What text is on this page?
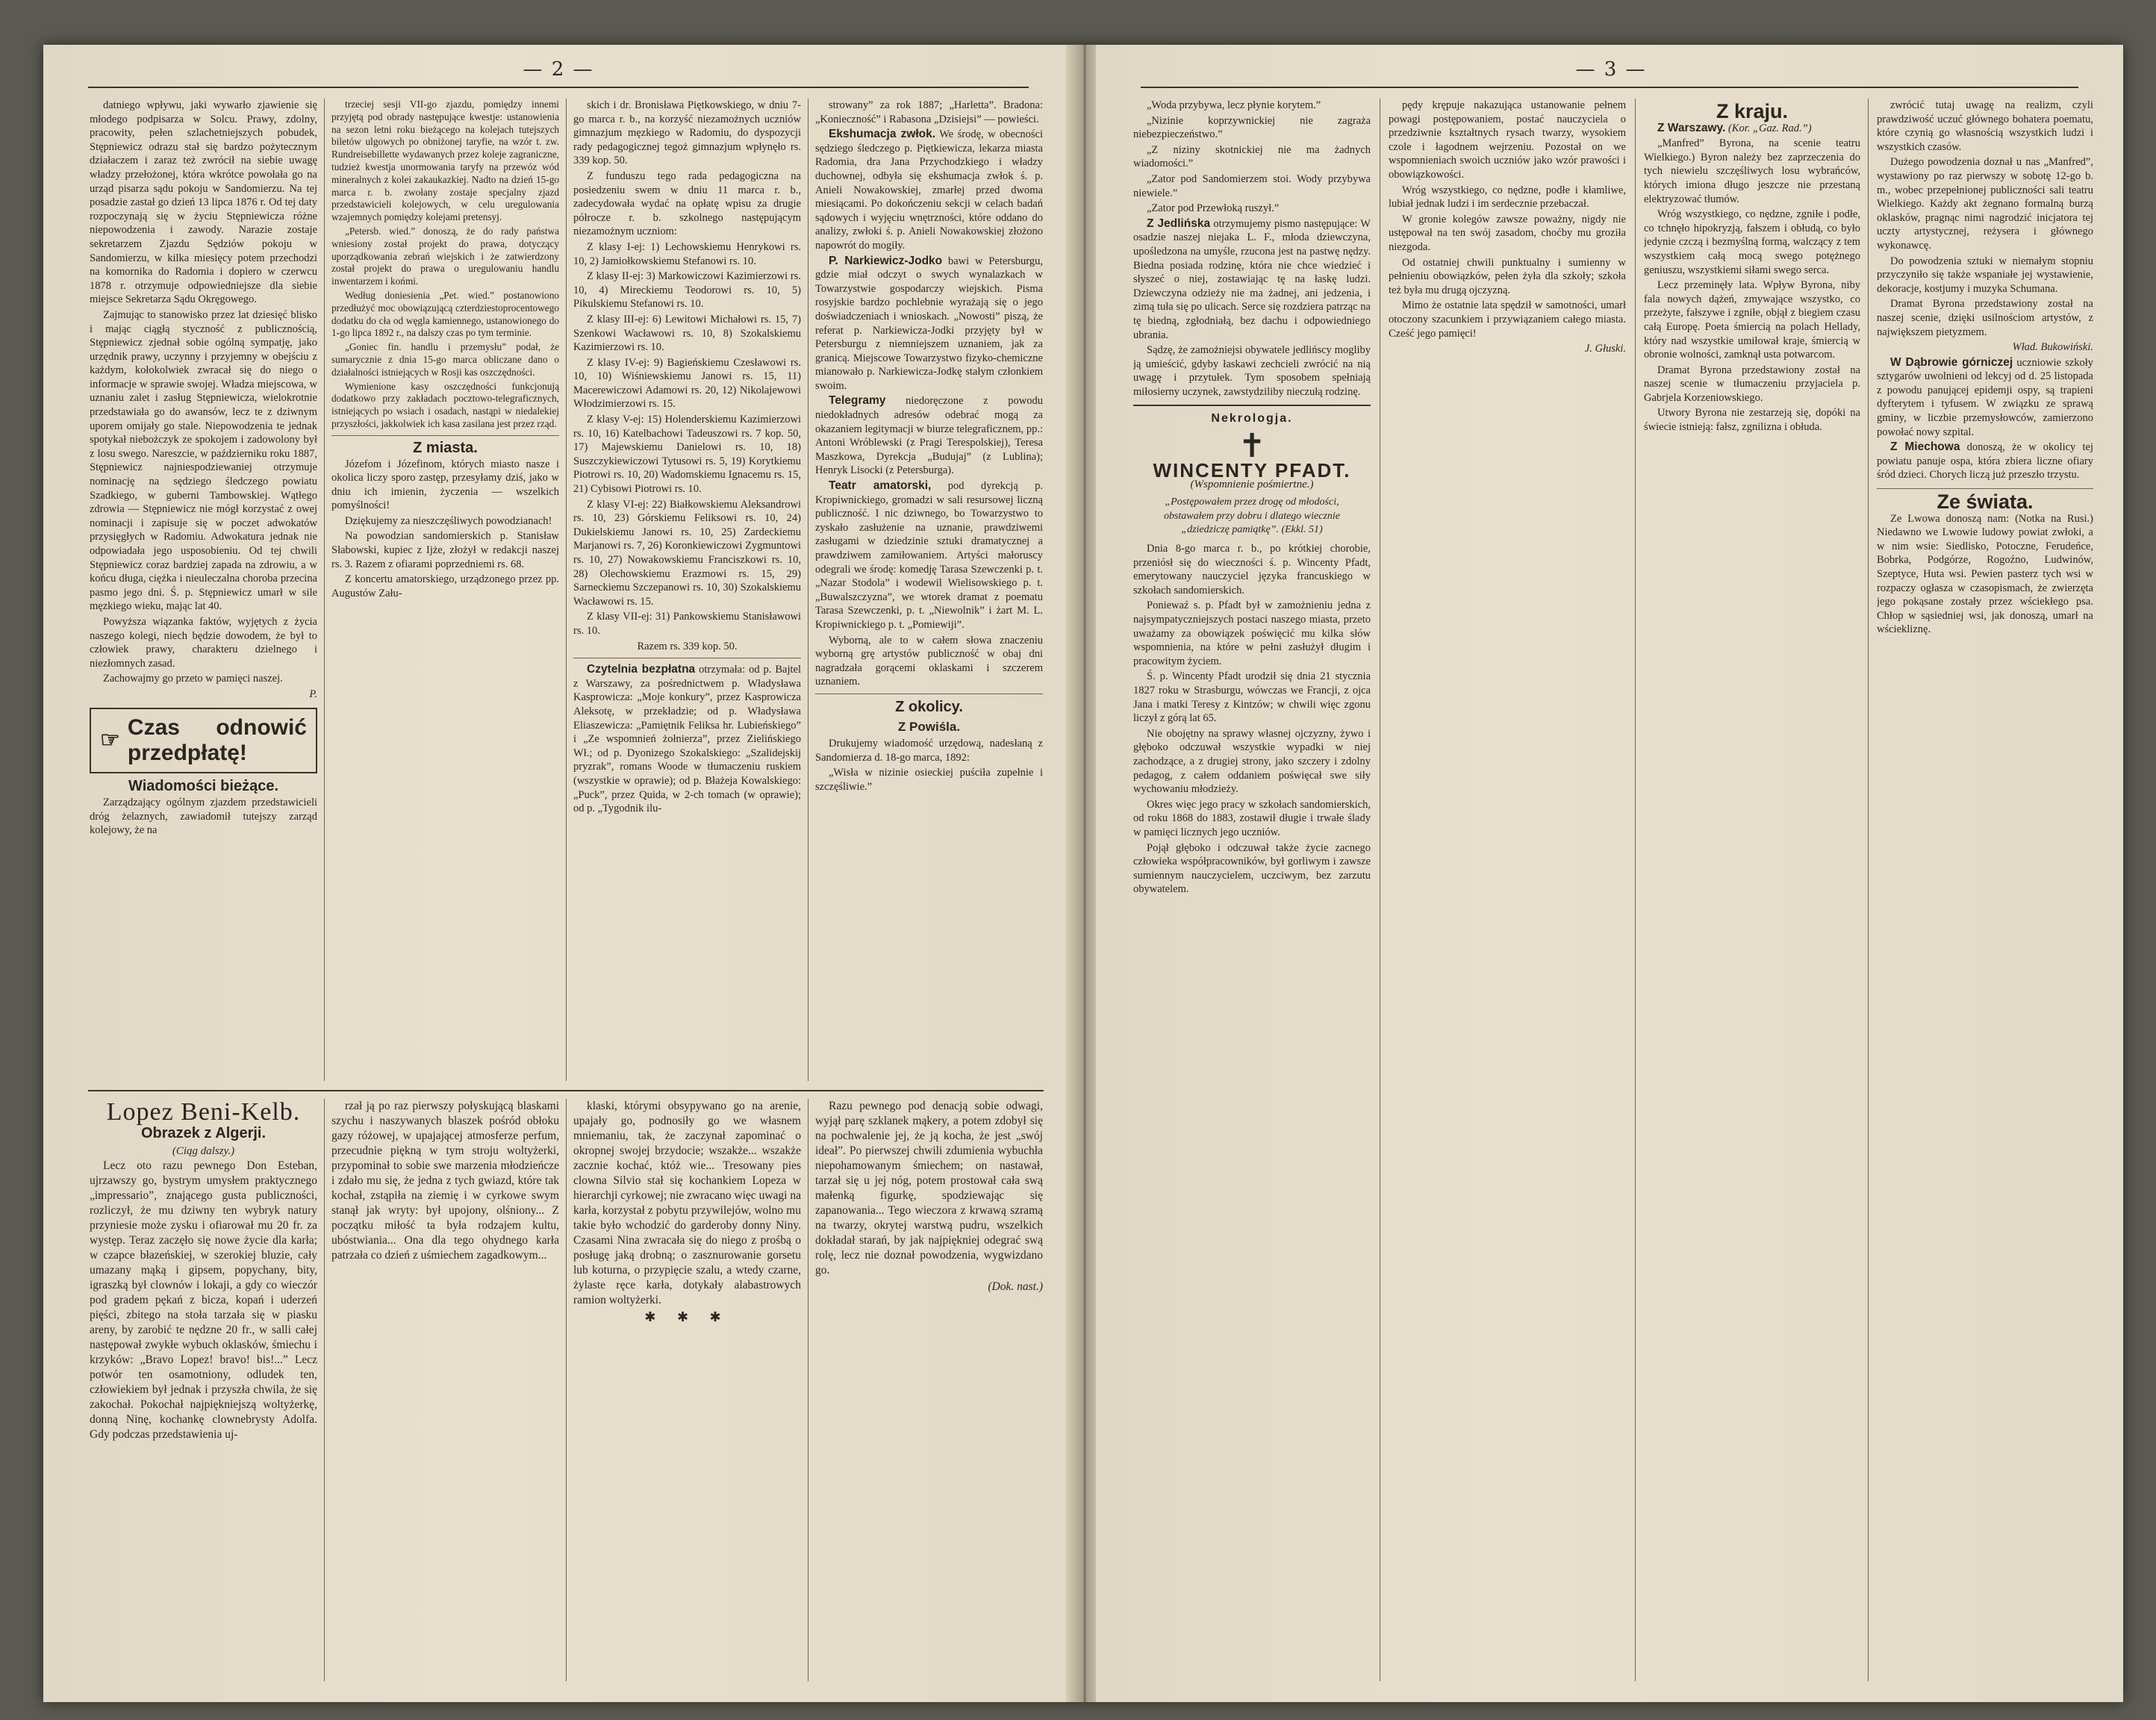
— 2 —

datniego wpływu, jaki wywarło zjawienie się młodego podpisarza w Solcu. Prawy, zdolny, pracowity, pełen szlachetniejszych pobudek, Stępniewicz odrazu stał się bardzo pożytecznym działaczem i zaraz też zwrócił na siebie uwagę władzy przełożonej, która wkrótce powołała go na urząd pisarza sądu pokoju w Sandomierzu. Na tej posadzie zastał go dzień 13 lipca 1876 r. Od tej daty rozpoczynają się w życiu Stępniewicza różne niepowodzenia i zawody. Narazie zostaje sekretarzem Zjazdu Sędziów pokoju w Sandomierzu, w kilka miesięcy potem przechodzi na komornika do Radomia i dopiero w czerwcu 1878 r. otrzymuje odpowiedniejsze dla siebie miejsce Sekretarza Sądu Okręgowego.

Zajmując to stanowisko przez lat dziesięć blisko i mając ciągłą styczność z publicznością, Stępniewicz zjednał sobie ogólną sympatję, jako urzędnik prawy, uczynny i przyjemny w obejściu z każdym, kołokolwiek zwracał się do niego o informacje w sprawie swojej. Władza miejscowa, w uznaniu zalet i zasług Stępniewicza, wielokrotnie przedstawiała go do awansów, lecz te z dziwnym uporem omijały go stale. Niepowodzenia te jednak spotykał niebożczyk ze spokojem i zadowolony był z losu swego. Nareszcie, w październiku roku 1887, Stępniewicz najniespodziewaniej otrzymuje nominację na sędziego śledczego powiatu Szadkiego, w guberni Tambowskiej. Wątłego zdrowia — Stępniewicz nie mógł korzystać z owej nominacji i zapisuje się w poczet adwokatów przysięgłych w Radomiu. Adwokatura jednak nie odpowiadała jego usposobieniu. Od tej chwili Stępniewicz coraz bardziej zapada na zdrowiu, a w końcu długa, ciężka i nieuleczalna choroba przecina pasmo jego dni. Ś. p. Stępniewicz umarł w sile męzkiego wieku, mając lat 40.

Powyższa wiązanka faktów, wyjętych z życia naszego kolegi, niech będzie dowodem, że był to człowiek prawy, charakteru dzielnego i niezłomnych zasad.

Zachowajmy go przeto w pamięci naszej.

P.

☞
Czas odnowić przedpłatę!
Wiadomości bieżące.

Zarządzający ogólnym zjazdem przedstawicieli dróg żelaznych, zawiadomił tutejszy zarząd kolejowy, że na

trzeciej sesji VII-go zjazdu, pomiędzy innemi przyjętą pod obrady następujące kwestje: ustanowienia na sezon letni roku bieżącego na kolejach tutejszych biletów ulgowych po obniżonej taryfie, na wzór t. zw. Rundreisebillette wydawanych przez koleje zagraniczne, tudzież kwestja unormowania taryfy na przewóz wód mineralnych z kolei zakaukazkiej. Nadto na dzień 15-go marca r. b. zwołany zostaje specjalny zjazd przedstawicieli kolejowych, w celu uregulowania wzajemnych pomiędzy kolejami pretensyj.

„Petersb. wied.” donoszą, że do rady państwa wniesiony został projekt do prawa, dotyczący uporządkowania zebrań wiejskich i że zatwierdzony został projekt do prawa o uregulowaniu handlu inwentarzem i końmi.

Według doniesienia „Pet. wied.” postanowiono przedłużyć moc obowiązującą czterdziestoprocentowego dodatku do cła od węgla kamiennego, ustanowionego do 1-go lipca 1892 r., na dalszy czas po tym terminie.

„Goniec fin. handlu i przemysłu” podał, że sumarycznie z dnia 15-go marca obliczane dano o działalności istniejących w Rosji kas oszczędności.

Wymienione kasy oszczędności funkcjonują dodatkowo przy zakładach pocztowo-telegraficznych, istniejących po wsiach i osadach, nastąpi w niedalekiej przyszłości, jakkolwiek ich kasa zasilana jest przez rząd.

Z miasta.

Józefom i Józefinom, których miasto nasze i okolica liczy sporo zastęp, przesyłamy dziś, jako w dniu ich imienin, życzenia — wszelkich pomyślności!

Dziękujemy za nieszczęśliwych powodzianach!

Na powodzian sandomierskich p. Stanisław Słabowski, kupiec z Ijże, złożył w redakcji naszej rs. 3. Razem z ofiarami poprzedniemi rs. 68.

Z koncertu amatorskiego, urządzonego przez pp. Augustów Zału-

skich i dr. Bronisława Piętkowskiego, w dniu 7-go marca r. b., na korzyść niezamożnych uczniów gimnazjum męzkiego w Radomiu, do dyspozycji rady pedagogicznej tegoż gimnazjum wpłynęło rs. 339 kop. 50.

Z funduszu tego rada pedagogiczna na posiedzeniu swem w dniu 11 marca r. b., zadecydowała wydać na opłatę wpisu za drugie półrocze r. b. szkolnego następującym niezamożnym uczniom:

Z klasy I-ej: 1) Lechowskiemu Henrykowi rs. 10, 2) Jamiołkowskiemu Stefanowi rs. 10.

Z klasy II-ej: 3) Markowiczowi Kazimierzowi rs. 10, 4) Mireckiemu Teodorowi rs. 10, 5) Pikulskiemu Stefanowi rs. 10.

Z klasy III-ej: 6) Lewitowi Michałowi rs. 15, 7) Szenkowi Wacławowi rs. 10, 8) Szokalskiemu Kazimierzowi rs. 10.

Z klasy IV-ej: 9) Bagieńskiemu Czesławowi rs. 10, 10) Wiśniewskiemu Janowi rs. 15, 11) Macerewiczowi Adamowi rs. 20, 12) Nikolajewowi Włodzimierzowi rs. 15.

Z klasy V-ej: 15) Holenderskiemu Kazimierzowi rs. 10, 16) Katelbachowi Tadeuszowi rs. 7 kop. 50, 17) Majewskiemu Danielowi rs. 10, 18) Suszczykiewiczowi Tytusowi rs. 5, 19) Korytkiemu Piotrowi rs. 10, 20) Wadomskiemu Ignacemu rs. 15, 21) Cybisowi Piotrowi rs. 10.

Z klasy VI-ej: 22) Białkowskiemu Aleksandrowi rs. 10, 23) Górskiemu Feliksowi rs. 10, 24) Dukielskiemu Janowi rs. 10, 25) Zardeckiemu Marjanowi rs. 7, 26) Koronkiewiczowi Zygmuntowi rs. 10, 27) Nowakowskiemu Franciszkowi rs. 10, 28) Olechowskiemu Erazmowi rs. 15, 29) Sarneckiemu Szczepanowi rs. 10, 30) Szokalskiemu Wacławowi rs. 15.

Z klasy VII-ej: 31) Pankowskiemu Stanisławowi rs. 10.

Razem rs. 339 kop. 50.

Czytelnia bezpłatna otrzymała: od p. Bajtel z Warszawy, za pośrednictwem p. Władysława Kasprowicza: „Moje konkury”, przez Kasprowicza Aleksotę, w przekładzie; od p. Władysława Eliaszewicza: „Pamiętnik Feliksa hr. Lubieńskiego” i „Ze wspomnień żołnierza”, przez Zielińskiego Wł.; od p. Dyonizego Szokalskiego: „Szalidejskij pryzrak”, romans Woode w tłumaczeniu ruskiem (wszystkie w oprawie); od p. Błażeja Kowalskiego: „Puck”, przez Quida, w 2-ch tomach (w oprawie); od p. „Tygodnik ilu-

strowany” za rok 1887; „Harletta”. Bradona: „Konieczność” i Rabasona „Dzisiejsi” — powieści.

Ekshumacja zwłok. We środę, w obecności sędziego śledczego p. Piętkiewicza, lekarza miasta Radomia, dra Jana Przychodzkiego i władzy duchownej, odbyła się ekshumacja zwłok ś. p. Anieli Nowakowskiej, zmarłej przed dwoma miesiącami. Po dokończeniu sekcji w celach badań sądowych i wyjęciu wnętrzności, które oddano do analizy, zwłoki ś. p. Anieli Nowakowskiej złożono napowrót do mogiły.

P. Narkiewicz-Jodko bawi w Petersburgu, gdzie miał odczyt o swych wynalazkach w Towarzystwie gospodarczy wiejskich. Pisma rosyjskie bardzo pochlebnie wyrażają się o jego doświadczeniach i wnioskach. „Nowosti” piszą, że referat p. Narkiewicza-Jodki przyjęty był w Petersburgu z niemniejszem uznaniem, jak za granicą. Miejscowe Towarzystwo fizyko-chemiczne mianowało p. Narkiewicza-Jodkę stałym członkiem swoim.

Telegramy niedoręczone z powodu niedokładnych adresów odebrać mogą za okazaniem legitymacji w biurze telegraficznem, pp.: Antoni Wróblewski (z Pragi Terespolskiej), Teresa Maszkowa, Dyrekcja „Budujaj” (z Lublina); Henryk Lisocki (z Petersburga).

Teatr amatorski, pod dyrekcją p. Kropiwnickiego, gromadzi w sali resursowej liczną publiczność. I nic dziwnego, bo Towarzystwo to zyskało zasłużenie na uznanie, prawdziwemi zasługami w dziedzinie sztuki dramatycznej a prawdziwem zamiłowaniem. Artyści małoruscy odegrali we środę: komedję Tarasa Szewczenki p. t. „Nazar Stodola” i wodewil Wielisowskiego p. t. „Buwalszczyzna”, we wtorek dramat z poematu Tarasa Szewczenki, p. t. „Niewolnik” i żart M. L. Kropiwnickiego p. t. „Pomiewiji”.

Wyborną, ale to w całem słowa znaczeniu wyborną grę artystów publiczność w obaj dni nagradzała gorącemi oklaskami i szczerem uznaniem.

Z okolicy.
Z Powiśla.

Drukujemy wiadomość urzędową, nadesłaną z Sandomierza d. 18-go marca, 1892:

„Wisła w niziniе osieckiej puściła zupełnie i szczęśliwie.”

Lopez Beni-Kelb.
Obrazek z Algerji.
(Ciąg dalszy.)

Lecz oto razu pewnego Don Esteban, ujrzawszy go, bystrym umysłem praktycznego „impressario”, znającego gusta publiczności, rozliczył, że mu dziwny ten wybryk natury przyniesie może zysku i ofiarował mu 20 fr. za występ. Teraz zaczęło się nowe życie dla karła; w czapce błazeńskiej, w szerokiej bluzie, cały umazany mąką i gipsem, popychany, bity, igraszką był clownów i lokaji, a gdy co wieczór pod gradem pękań z bicza, kopań i uderzeń pięści, zbitego na stoła tarzała się w piasku areny, by zarobić te nędzne 20 fr., w salli całej następował zwykłe wybuch oklasków, śmiechu i krzyków: „Bravo Lopez! bravo! bis!...” Lecz potwór ten osamotniony, odludek ten, człowiekiem był jednak i przyszła chwila, że się zakochał. Pokochał najpiękniejszą woltyżerkę, donną Ninę, kochankę clownebrysty Adolfa. Gdy podczas przedstawienia uj-

rzał ją po raz pierwszy połyskującą blaskami szychu i naszywanych blaszek pośród obłoku gazy różowej, w upajającej atmosferze perfum, przecudnie piękną w tym stroju woltyżerki, przypominał to sobie swe marzenia młodzieńcze i zdało mu się, że jedna z tych gwiazd, które tak kochał, zstąpiła na ziemię i w cyrkowe swym stanął jak wryty: był upojony, olśniony... Z początku miłość ta była rodzajem kultu, ubóstwiania... Ona dla tego ohydnego karła patrzała co dzień z uśmiechem zagadkowym...

klaski, którymi obsypywano go na arenie, upajały go, podnosiły go we własnem mniemaniu, tak, że zaczynał zapominać o okropnej swojej brzydocie; wszakże... wszakże zacznie kochać, któż wie... Tresowany pies clowna Silvio stał się kochankiem Lopeza w hierarchji cyrkowej; nie zwracano więc uwagi na karła, korzystał z pobytu przywilejów, wolno mu takie było wchodzić do garderoby donny Niny. Czasami Nina zwracała się do niego z prośbą o posługę jaką drobną; o zasznurowanie gorsetu lub koturna, o przypięcie szalu, a wtedy czarne, żylaste ręce karła, dotykały alabastrowych ramion woltyżerki.

✱ ✱ ✱

Razu pewnego pod denacją sobie odwagi, wyjął parę szklanek mąkery, a potem zdobył się na pochwalenie jej, że ją kocha, że jest „swój ideał”. Po pierwszej chwili zdumienia wybuchła niepohamowanym śmiechem; on nastawał, tarzał się u jej nóg, potem prostował cała swą małenką figurkę, spodziewając się zapanowania... Tego wieczora z krwawą szramą na twarzy, okrytej warstwą pudru, wszelkich dokładał starań, by jak najpiękniej odegrać swą rolę, lecz nie doznał powodzenia, wygwizdano go.

(Dok. nast.)

— 3 —

„Woda przybywa, lecz płynie korytem.”

„Niziniе koprzywnickiej nie zagraża niebezpieczeństwo.”

„Z niziny skotnickiej nie ma żadnych wiadomości.”

„Zator pod Sandomierzem stoi. Wody przybywa niewiele.”

„Zator pod Przewłoką ruszył.”

Z Jedlińska otrzymujemy pismo następujące: W osadzie naszej niejaka L. F., młoda dziewczyna, upośledzona na umyśle, rzucona jest na pastwę nędzy. Biedna posiada rodzinę, która nie chce wiedzieć i słyszeć o niej, zostawiając tę na łaskę ludzi. Dziewczyna odzieży nie ma żadnej, ani jedzenia, i zimą tuła się po ulicach. Serce się rozdziera patrząc na tę biedną, zgłodniałą, bez dachu i odpowiedniego ubrania.

Sądzę, że zamożniejsi obywatele jedlińscy mogliby ją umieścić, gdyby łaskawi zechcieli zwrócić na nią uwagę i przytułek. Tym sposobem spełniają miłosierny uczynek, zawstydziliby nieczułą rodzinę.

Nekrologja.
✝
WINCENTY PFADT.
(Wspomnienie pośmiertne.)

„Postępowałem przez drogę od młodości, obstawałem przy dobru i dlatego wiecznie „dziedziczę pamiątkę”. (Ekkl. 51)

Dnia 8-go marca r. b., po krótkiej chorobie, przeniósł się do wieczności ś. p. Wincenty Pfadt, emerytowany nauczyciel języka francuskiego w szkołach sandomierskich.

Poniewaź s. p. Pfadt był w zamożnieniu jedna z najsympatyczniejszych postaci naszego miasta, przeto uważamy za obowiązek poświęcić mu kilka słów wspomnienia, na które w pełni zasłużył długim i pracowitym życiem.

Ś. p. Wincenty Pfadt urodził się dnia 21 stycznia 1827 roku w Strasburgu, wówczas we Francji, z ojca Jana i matki Teresy z Kintzów; w chwili więc zgonu liczył z górą lat 65.

Nie obojętny na sprawy własnej ojczyzny, żywo i głęboko odczuwał wszystkie wypadki w niej zachodzące, a z drugiej strony, jako szczery i zdolny pedagog, z całem oddaniem poświęcał swe siły wychowaniu młodzieży.

Okres więc jego pracy w szkołach sandomierskich, od roku 1868 do 1883, zostawił długie i trwałe ślady w pamięci licznych jego uczniów.

Pojął głęboko i odczuwał także życie zacnego człowieka współpracowników, był gorliwym i zawsze sumiennym nauczycielem, uczciwym, bez zarzutu obywatelem.

pędy krępuje nakazująca ustanowanie pełnem powagi postępowaniem, postać nauczyciela o przedziwnie kształtnych rysach twarzy, wysokiem czole i łagodnem wejrzeniu. Pozostał on we wspomnieniach swoich uczniów jako wzór prawości i obowiązkowości.

Wróg wszystkiego, co nędzne, podłe i kłamliwe, lubiał jednak ludzi i im serdecznie przebaczał.

W gronie kolegów zawsze poważny, nigdy nie ustępował na ten swój zasadom, choćby mu groziła niezgoda.

Od ostatniej chwili punktualny i sumienny w pełnieniu obowiązków, pełen żyła dla szkoły; szkoła też była mu drugą ojczyzną.

Mimo że ostatnie lata spędził w samotności, umarł otoczony szacunkiem i przywiązaniem całego miasta. Cześć jego pamięci!

J. Głuski.

Z kraju.

Z Warszawy. (Kor. „Gaz. Rad.”)

„Manfred” Byrona, na scenie teatru Wielkiego.) Byron należy bez zaprzeczenia do tych niewielu szczęśliwych losu wybrańców, których imiona długo jeszcze nie przestaną elektryzować tłumów.

Wróg wszystkiego, co nędzne, zgniłe i podłe, co tchnęło hipokryzją, fałszem i obłudą, co było jedynie czczą i bezmyślną formą, walczący z tem wszystkiem całą mocą swego potężnego geniuszu, wszystkiemi siłami swego serca.

Lecz przeminęły lata. Wpływ Byrona, niby fala nowych dążeń, zmywające wszystko, co przeżyte, fałszywe i zgniłe, objął z biegiem czasu całą Europę. Poeta śmiercią na polach Hellady, który nad wszystkie umiłował kraje, śmiercią w obronie wolności, zamknął usta potwarcom.

Dramat Byrona przedstawiony został na naszej scenie w tłumaczeniu przyjaciela p. Gabrjela Korzeniowskiego.

Utwory Byrona nie zestarzeją się, dopóki na świecie istnieją: fałsz, zgnilizna i obłuda.

zwrócić tutaj uwagę na realizm, czyli prawdziwość uczuć głównego bohatera poematu, które czynią go własnością wszystkich ludzi i wszystkich czasów.

Dużego powodzenia doznał u nas „Manfred”, wystawiony po raz pierwszy w sobotę 12-go b. m., wobec przepełnionej publiczności sali teatru Wielkiego. Każdy akt żegnano formalną burzą oklasków, pragnąc nimi nagrodzić inicjatora tej uczty artystycznej, reżysera i głównego wykonawcę.

Do powodzenia sztuki w niemałym stopniu przyczyniło się także wspaniałe jej wystawienie, dekoracje, kostjumy i muzyka Schumana.

Dramat Byrona przedstawiony został na naszej scenie, dzięki usilnościom artystów, z największem pietyzmem.

Wład. Bukowiński.

W Dąbrowie górniczej uczniowie szkoły sztygarów uwolnieni od lekcyj od d. 25 listopada z powodu panującej epidemji ospy, są trapieni dyfterytem i tyfusem. W związku ze sprawą gminy, w liczbie przemysłowców, zamierzono powołać nowy szpital.

Z Miechowa donoszą, że w okolicy tej powiatu panuje ospa, która zbiera liczne ofiary śród dzieci. Chorych liczą już przeszło trzystu.

Ze świata.

Ze Lwowa donoszą nam: (Notka na Rusi.) Niedawno we Lwowie ludowy powiat zwłoki, a w nim wsie: Siedlisko, Potoczne, Ferudeńce, Bobrka, Podgórze, Rogoźno, Ludwinów, Szeptyce, Huta wsi. Pewien pasterz tych wsi w rozpaczy ogłasza w czasopismach, że zwierzęta jego pokąsane zostały przez wściekłego psa. Chłop w sąsiedniej wsi, jak donoszą, umarł na wściekliznę.
